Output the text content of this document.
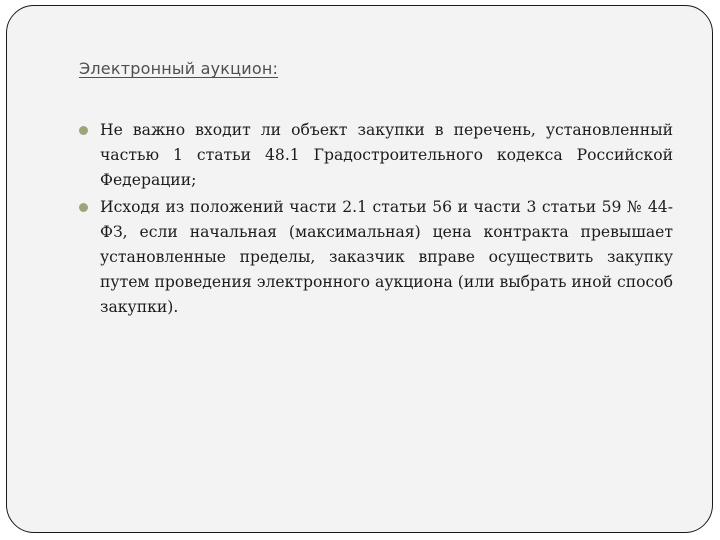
Электронный аукцион:
Не важно входит ли объект закупки в перечень, установленный частью 1 статьи 48.1 Градостроительного кодекса Российской Федерации;
Исходя из положений части 2.1 статьи 56 и части 3 статьи 59 № 44-ФЗ, если начальная (максимальная) цена контракта превышает установленные пределы, заказчик вправе осуществить закупку путем проведения электронного аукциона (или выбрать иной способ закупки).
